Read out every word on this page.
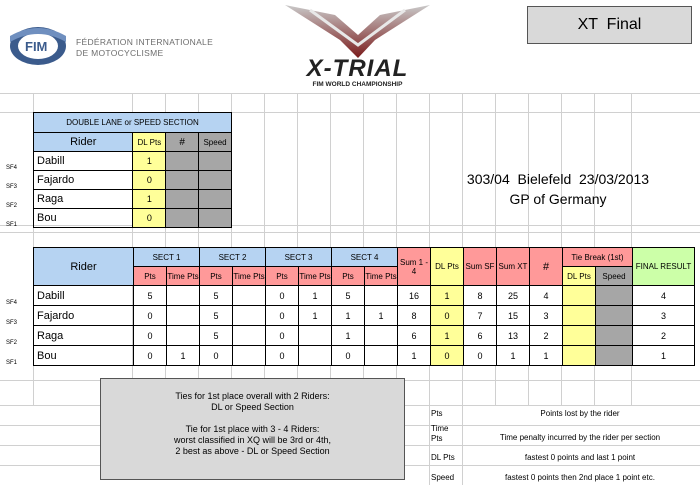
FIM	FÉDÉRATION INTERNATIONALE
DE MOTOCYCLISME
X-TRIAL
FIM WORLD CHAMPIONSHIP
XT  Final
303/04  Bielefeld  23/03/2013
GP of Germany
DOUBLE LANE or SPEED SECTION			
Rider	DL Pts	#	Speed
Dabill	1		
Fajardo	0		
Raga	1		
Bou	0		
SF4
SF3
SF2
SF1
Rider	SECT 1		SECT 2		SECT 3		SECT 4		Sum 1 - 4	DL Pts	Sum SF	Sum XT	#	Tie Break (1st)		FINAL RESULT
	Pts	Time Pts	Pts	Time Pts	Pts	Time Pts	Pts	Time Pts						DL Pts	Speed	
Dabill	5		5		0	1	5		16	1	8	25	4			4
Fajardo	0		5		0	1	1	1	8	0	7	15	3			3
Raga	0		5		0		1		6	1	6	13	2			2
Bou	0	1	0		0		0		1	0	0	1	1			1
SF4
SF3
SF2
SF1
Ties for 1st place overall with 2 Riders:
DL or Speed Section
Tie for 1st place with 3 - 4 Riders:
worst classified in XQ will be 3rd or 4th,
2 best as above - DL or Speed Section
Pts	Points lost by the rider
Time Pts	Time penalty incurred by the rider per section
DL Pts	fastest 0 points and last 1 point
Speed	fastest 0 points then 2nd place 1 point etc.
